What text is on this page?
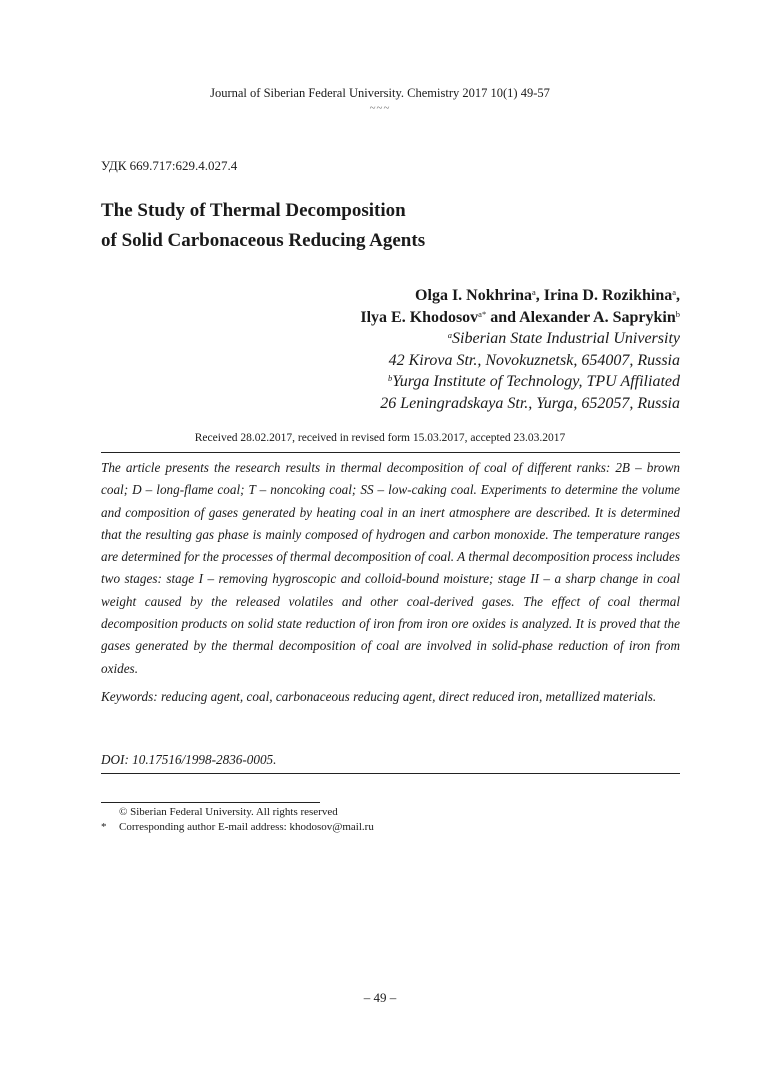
Journal of Siberian Federal University. Chemistry 2017 10(1) 49-57
~~~
УДК 669.717:629.4.027.4
The Study of Thermal Decomposition
of Solid Carbonaceous Reducing Agents
Olga I. Nokhrina$^a$, Irina D. Rozikhina$^a$,
Ilya E. Khodosov$^{a*}$ and Alexander A. Saprykin$^b$
$^a$Siberian State Industrial University
42 Kirova Str., Novokuznetsk, 654007, Russia
$^b$Yurga Institute of Technology, TPU Affiliated
26 Leningradskaya Str., Yurga, 652057, Russia
Received 28.02.2017, received in revised form 15.03.2017, accepted 23.03.2017

The article presents the research results in thermal decomposition of coal of different ranks: 2B – brown coal; D – long-flame coal; T – noncoking coal; SS – low-caking coal. Experiments to determine the volume and composition of gases generated by heating coal in an inert atmosphere are described. It is determined that the resulting gas phase is mainly composed of hydrogen and carbon monoxide. The temperature ranges are determined for the processes of thermal decomposition of coal. A thermal decomposition process includes two stages: stage I – removing hygroscopic and colloid-bound moisture; stage II – a sharp change in coal weight caused by the released volatiles and other coal-derived gases. The effect of coal thermal decomposition products on solid state reduction of iron from iron ore oxides is analyzed. It is proved that the gases generated by the thermal decomposition of coal are involved in solid-phase reduction of iron from oxides.

Keywords: reducing agent, coal, carbonaceous reducing agent, direct reduced iron, metallized materials.

DOI: 10.17516/1998-2836-0005.
© Siberian Federal University. All rights reserved
* Corresponding author E-mail address: khodosov@mail.ru
– 49 –
